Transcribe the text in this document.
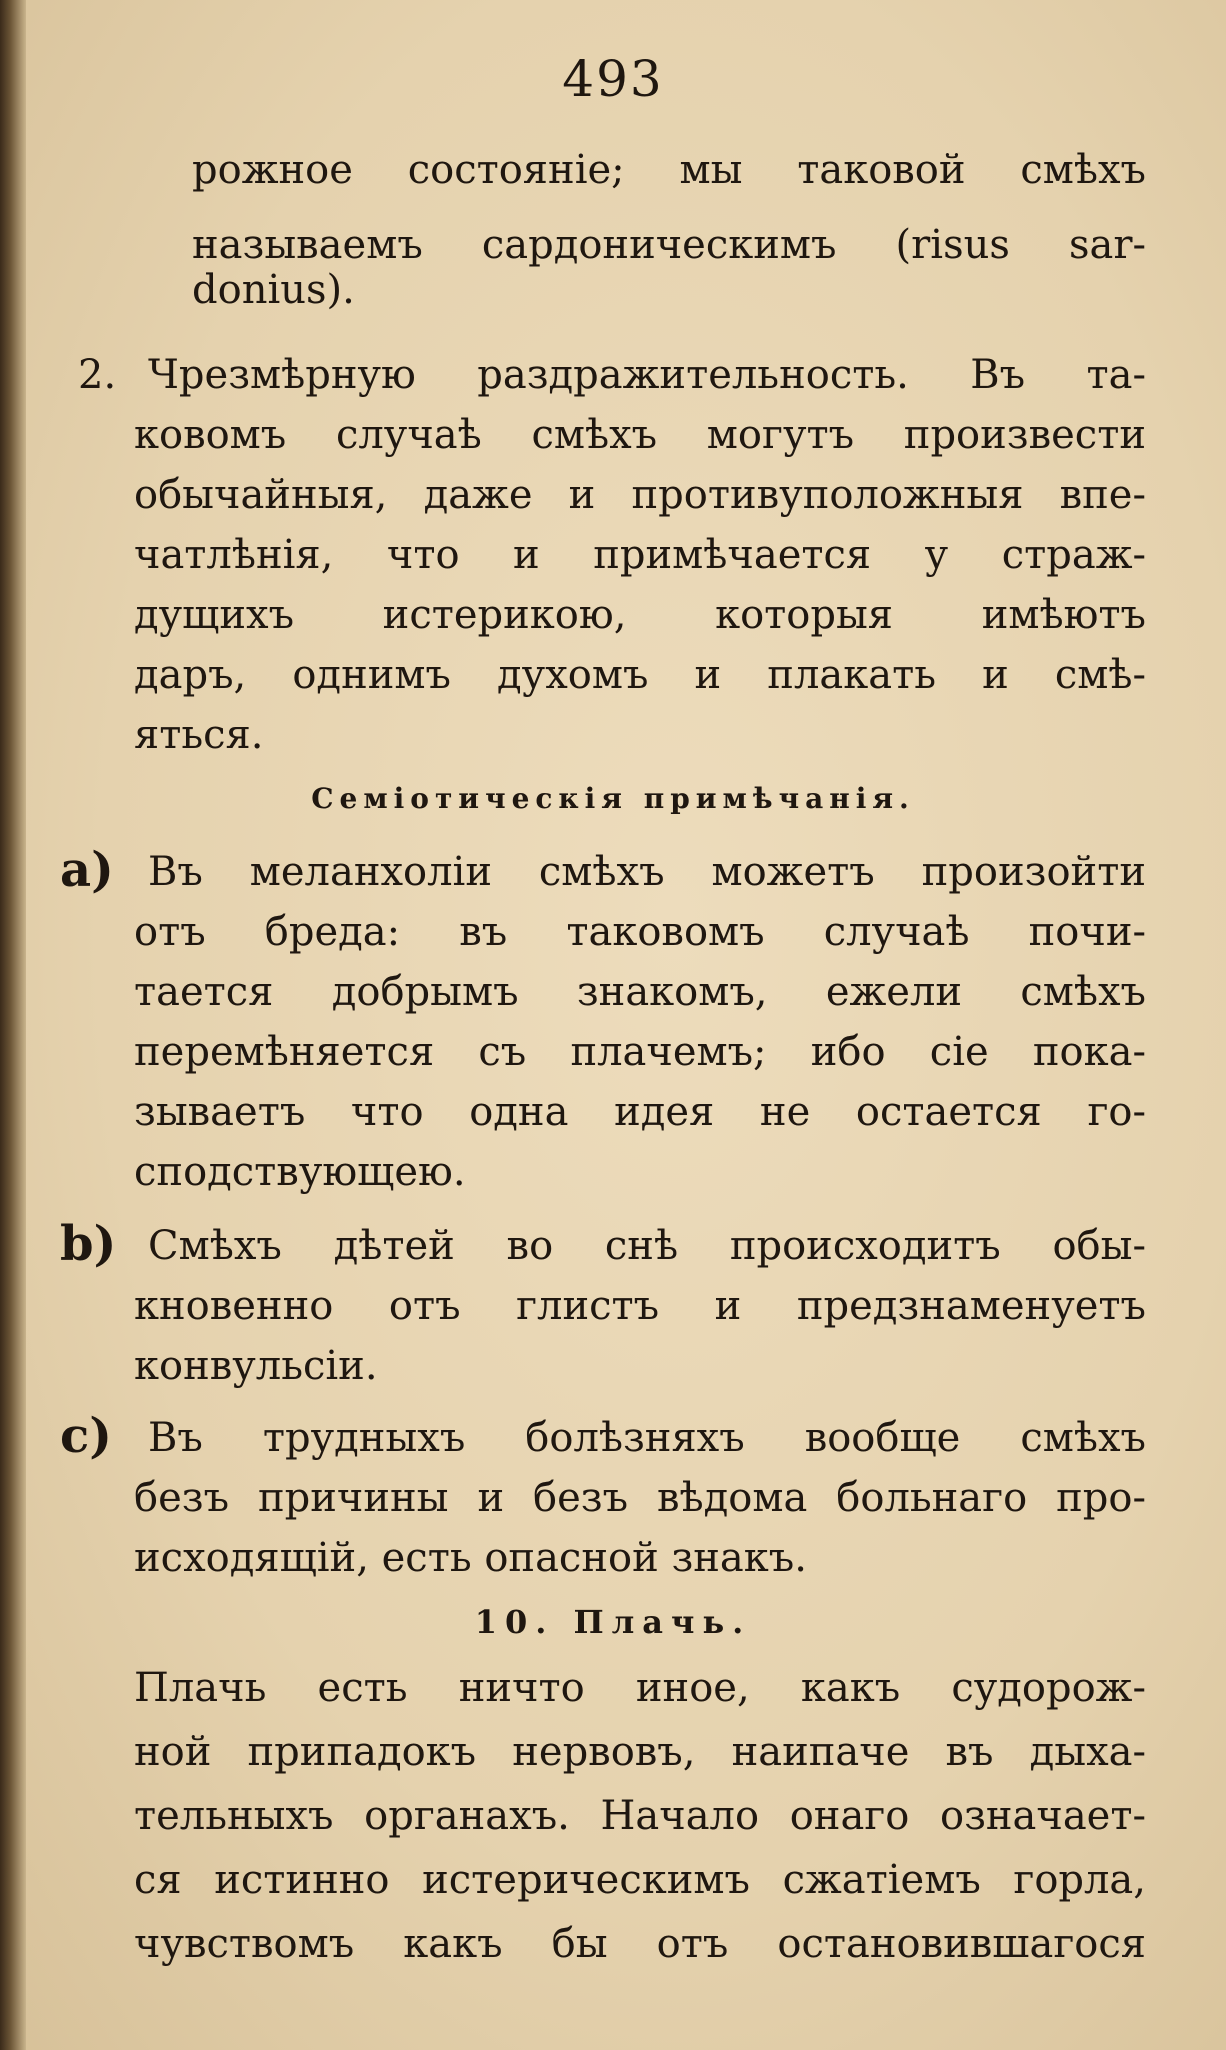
493
рожное состоянiе; мы таковой смѣхъ
называемъ сардоническимъ (risus sar-
donius).
2. Чрезмѣрную раздражительность. Въ та-
ковомъ случаѣ смѣхъ могутъ произвести
обычайныя, даже и противуположныя впе-
чатлѣнiя, что и примѣчается у страж-
дущихъ истерикою, которыя имѣютъ
даръ, однимъ духомъ и плакать и смѣ-
яться.
Семiотическiя примѣчанiя.
a) Въ меланхолiи смѣхъ можетъ произойти
отъ бреда: въ таковомъ случаѣ почи-
тается добрымъ знакомъ, ежели смѣхъ
перемѣняется съ плачемъ; ибо сiе пока-
зываетъ что одна идея не остается го-
сподствующею.
b) Смѣхъ дѣтей во снѣ происходитъ обы-
кновенно отъ глистъ и предзнаменуетъ
конвульсiи.
c) Въ трудныхъ болѣзняхъ вообще смѣхъ
безъ причины и безъ вѣдома больнаго про-
исходящiй, есть опасной знакъ.
10. Плачь.
Плачь есть ничто иное, какъ судорож-
ной припадокъ нервовъ, наипаче въ дыха-
тельныхъ органахъ. Начало онаго означает-
ся истинно истерическимъ сжатiемъ горла,
чувствомъ какъ бы отъ остановившагося
